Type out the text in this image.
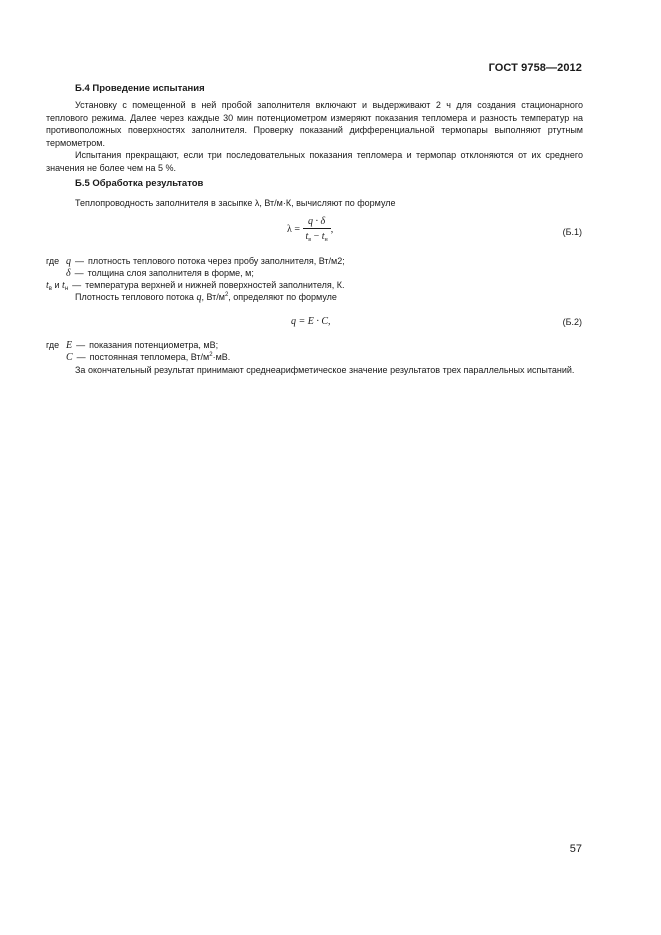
ГОСТ 9758—2012
Б.4 Проведение испытания
Установку с помещенной в ней пробой заполнителя включают и выдерживают 2 ч для создания стационарного теплового режима. Далее через каждые 30 мин потенциометром измеряют показания тепломера и разность температур на противоположных поверхностях заполнителя. Проверку показаний дифференциальной термопары выполняют ртутным термометром.
Испытания прекращают, если три последовательных показания тепломера и термопар отклоняются от их среднего значения не более чем на 5 %.
Б.5 Обработка результатов
Теплопроводность заполнителя в засыпке λ, Вт/м·К, вычисляют по формуле
$\lambda = \frac{q \cdot \delta}{t_в - t_н}$ ,	(Б.1)
где q — плотность теплового потока через пробу заполнителя, Вт/м2;
δ — толщина слоя заполнителя в форме, м;
$t_в$ и $t_н$ — температура верхней и нижней поверхностей заполнителя, К.
Плотность теплового потока q, $Вт/м^2$, определяют по формуле
q = E · C,	(Б.2)
где E — показания потенциометра, мВ;
C — постоянная тепломера, $Вт/м^2\cdot мВ$.
За окончательный результат принимают среднеарифметическое значение результатов трех параллельных испытаний.
57
